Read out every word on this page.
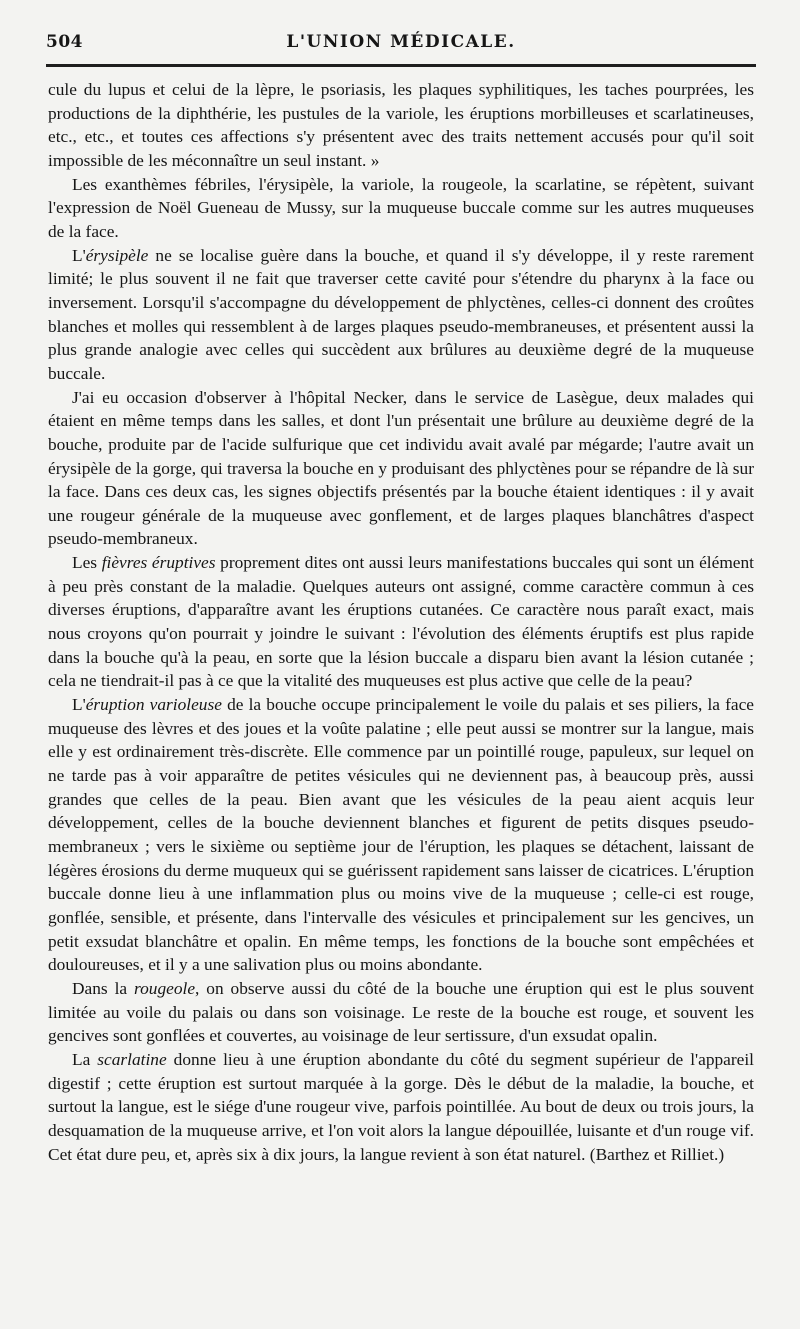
504	L'UNION MÉDICALE.

cule du lupus et celui de la lèpre, le psoriasis, les plaques syphilitiques, les taches pourprées, les productions de la diphthérie, les pustules de la variole, les éruptions morbilleuses et scarlatineuses, etc., etc., et toutes ces affections s'y présentent avec des traits nettement accusés pour qu'il soit impossible de les méconnaître un seul instant. »

Les exanthèmes fébriles, l'érysipèle, la variole, la rougeole, la scarlatine, se répètent, suivant l'expression de Noël Gueneau de Mussy, sur la muqueuse buccale comme sur les autres muqueuses de la face.

L'érysipèle ne se localise guère dans la bouche, et quand il s'y développe, il y reste rarement limité; le plus souvent il ne fait que traverser cette cavité pour s'étendre du pharynx à la face ou inversement. Lorsqu'il s'accompagne du développement de phlyctènes, celles-ci donnent des croûtes blanches et molles qui ressemblent à de larges plaques pseudo-membraneuses, et présentent aussi la plus grande analogie avec celles qui succèdent aux brûlures au deuxième degré de la muqueuse buccale.

J'ai eu occasion d'observer à l'hôpital Necker, dans le service de Lasègue, deux malades qui étaient en même temps dans les salles, et dont l'un présentait une brûlure au deuxième degré de la bouche, produite par de l'acide sulfurique que cet individu avait avalé par mégarde; l'autre avait un érysipèle de la gorge, qui traversa la bouche en y produisant des phlyctènes pour se répandre de là sur la face. Dans ces deux cas, les signes objectifs présentés par la bouche étaient identiques : il y avait une rougeur générale de la muqueuse avec gonflement, et de larges plaques blanchâtres d'aspect pseudo-membraneux.

Les fièvres éruptives proprement dites ont aussi leurs manifestations buccales qui sont un élément à peu près constant de la maladie. Quelques auteurs ont assigné, comme caractère commun à ces diverses éruptions, d'apparaître avant les éruptions cutanées. Ce caractère nous paraît exact, mais nous croyons qu'on pourrait y joindre le suivant : l'évolution des éléments éruptifs est plus rapide dans la bouche qu'à la peau, en sorte que la lésion buccale a disparu bien avant la lésion cutanée ; cela ne tiendrait-il pas à ce que la vitalité des muqueuses est plus active que celle de la peau?

L'éruption varioleuse de la bouche occupe principalement le voile du palais et ses piliers, la face muqueuse des lèvres et des joues et la voûte palatine ; elle peut aussi se montrer sur la langue, mais elle y est ordinairement très-discrète. Elle commence par un pointillé rouge, papuleux, sur lequel on ne tarde pas à voir apparaître de petites vésicules qui ne deviennent pas, à beaucoup près, aussi grandes que celles de la peau. Bien avant que les vésicules de la peau aient acquis leur développement, celles de la bouche deviennent blanches et figurent de petits disques pseudo-membraneux ; vers le sixième ou septième jour de l'éruption, les plaques se détachent, laissant de légères érosions du derme muqueux qui se guérissent rapidement sans laisser de cicatrices. L'éruption buccale donne lieu à une inflammation plus ou moins vive de la muqueuse ; celle-ci est rouge, gonflée, sensible, et présente, dans l'intervalle des vésicules et principalement sur les gencives, un petit exsudat blanchâtre et opalin. En même temps, les fonctions de la bouche sont empêchées et douloureuses, et il y a une salivation plus ou moins abondante.

Dans la rougeole, on observe aussi du côté de la bouche une éruption qui est le plus souvent limitée au voile du palais ou dans son voisinage. Le reste de la bouche est rouge, et souvent les gencives sont gonflées et couvertes, au voisinage de leur sertissure, d'un exsudat opalin.

La scarlatine donne lieu à une éruption abondante du côté du segment supérieur de l'appareil digestif ; cette éruption est surtout marquée à la gorge. Dès le début de la maladie, la bouche, et surtout la langue, est le siége d'une rougeur vive, parfois pointillée. Au bout de deux ou trois jours, la desquamation de la muqueuse arrive, et l'on voit alors la langue dépouillée, luisante et d'un rouge vif. Cet état dure peu, et, après six à dix jours, la langue revient à son état naturel. (Barthez et Rilliet.)
